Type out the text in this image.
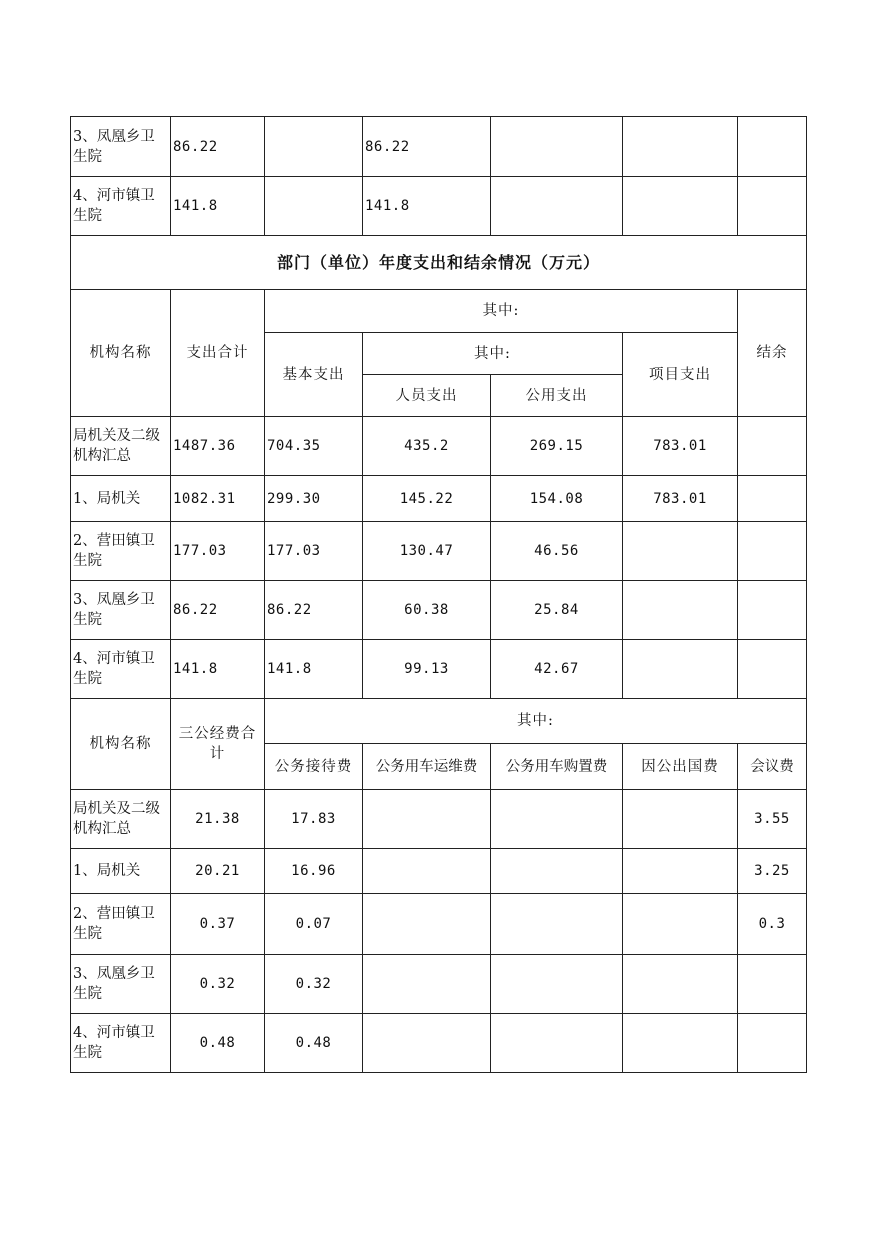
3、凤凰乡卫生院	86.22		86.22			
4、河市镇卫生院	141.8		141.8			
部门（单位）年度支出和结余情况（万元）						
机构名称	支出合计	其中:				结余
		基本支出	其中:		项目支出	
			人员支出	公用支出		
局机关及二级机构汇总	1487.36	704.35	435.2	269.15	783.01	
1、局机关	1082.31	299.30	145.22	154.08	783.01	
2、营田镇卫生院	177.03	177.03	130.47	46.56		
3、凤凰乡卫生院	86.22	86.22	60.38	25.84		
4、河市镇卫生院	141.8	141.8	99.13	42.67		
机构名称	三公经费合计	其中:				
		公务接待费	公务用车运维费	公务用车购置费	因公出国费	会议费
局机关及二级机构汇总	21.38	17.83				3.55
1、局机关	20.21	16.96				3.25
2、营田镇卫生院	0.37	0.07				0.3
3、凤凰乡卫生院	0.32	0.32				
4、河市镇卫生院	0.48	0.48				
